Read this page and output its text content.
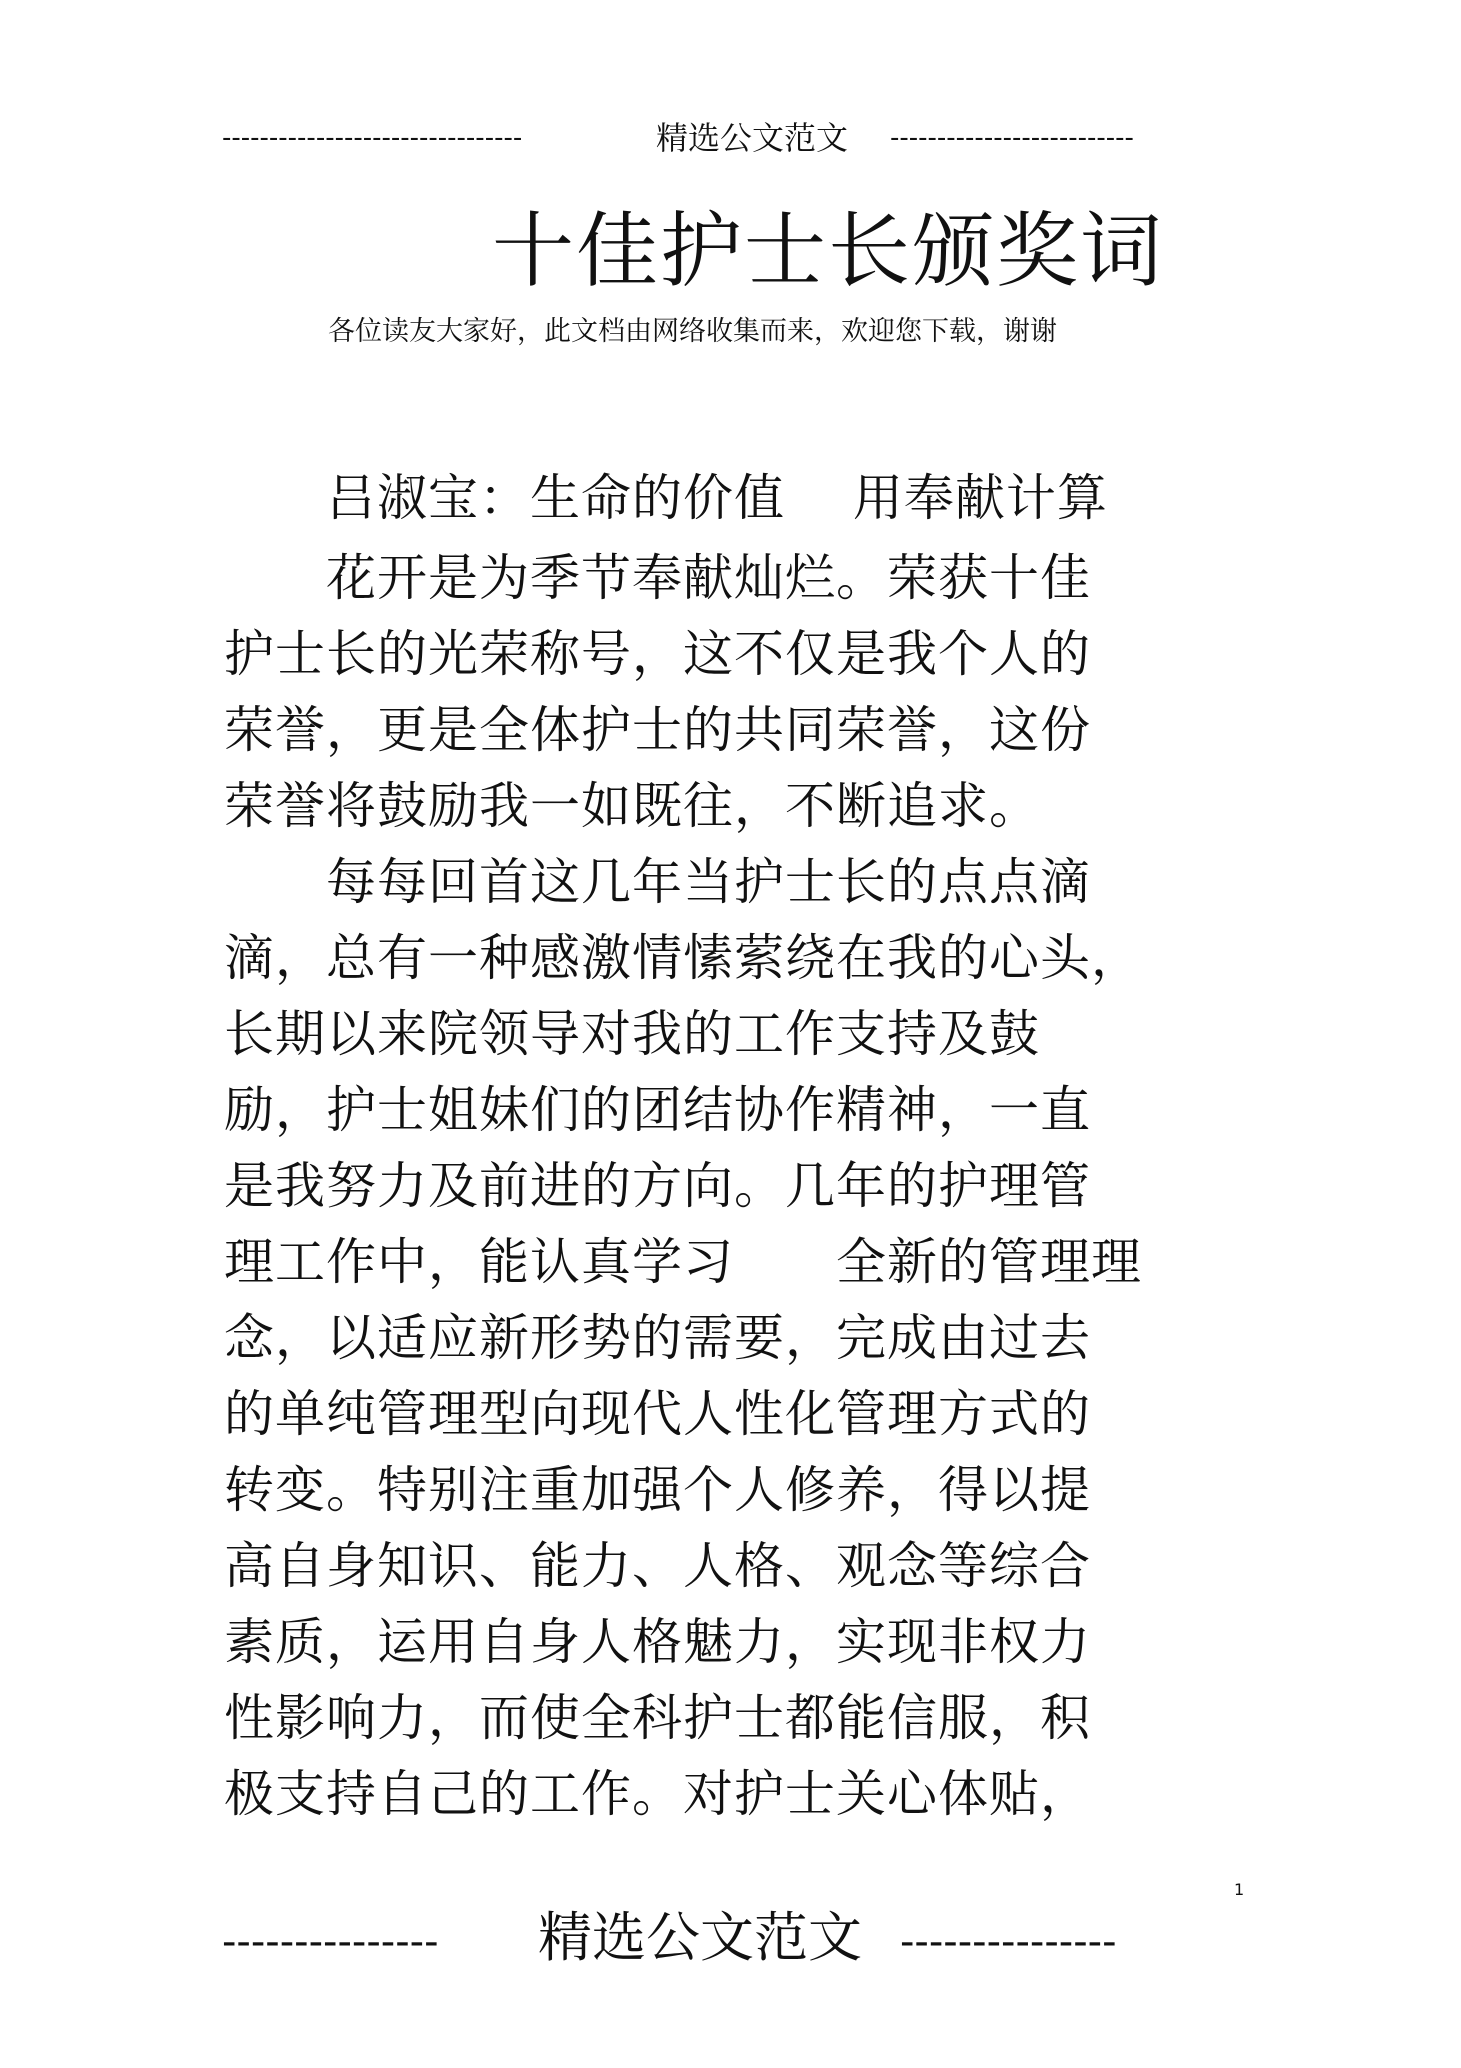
--------------------------------	精选公文范文 --------------------------
十佳护士长颁奖词
各位读友大家好，此文档由网络收集而来，欢迎您下载，谢谢
　　吕淑宝：生命的价值　 用奉献计算
　　花开是为季节奉献灿烂。荣获十佳
护士长的光荣称号，这不仅是我个人的
荣誉，更是全体护士的共同荣誉，这份
荣誉将鼓励我一如既往，不断追求。
　　每每回首这几年当护士长的点点滴
滴，总有一种感激情愫萦绕在我的心头，
长期以来院领导对我的工作支持及鼓
励，护士姐妹们的团结协作精神，一直
是我努力及前进的方向。几年的护理管
理工作中，能认真学习　　全新的管理理
念，以适应新形势的需要，完成由过去
的单纯管理型向现代人性化管理方式的
转变。特别注重加强个人修养，得以提
高自身知识、能力、人格、观念等综合
素质，运用自身人格魅力，实现非权力
性影响力，而使全科护士都能信服，积
极支持自己的工作。对护士关心体贴，
1
---------------	精选公文范文 ---------------
